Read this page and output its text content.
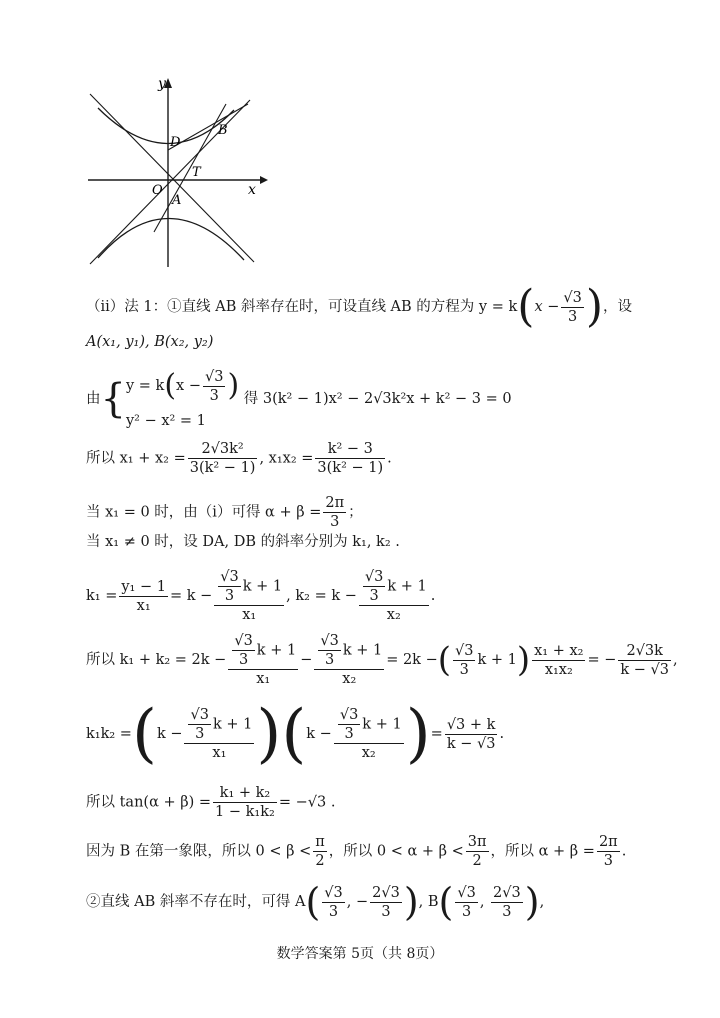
y
x
D
B
T
O
A
（ⅱ）法 1：①直线 AB 斜率存在时，可设直线 AB 的方程为 $y = k(x - \frac{√3}{3}$ )，设
A(x₁, y₁), B(x₂, y₂)
由{ $y = k(x - \frac{√3}{3}$ )
y² − x² = 1
得 3(k² − 1)x² − 2√3k²x + k² − 3 = 0
所以 $x_1 + x_2 = \frac{\text{2√3k²}}{\text{3(k² − 1)}}$ , $x_1x_2 = \frac{\text{k² − 3}}{\text{3(k² − 1)}}$ .
当 x₁ = 0 时，由（ⅰ）可得 $\alpha + \beta = \frac{2\pi}{3}$ ；
当 x₁ ≠ 0 时，设 DA, DB 的斜率分别为 k₁, k₂ .
$k_1 = \frac{\text{y₁ − 1}}{\text{x₁}} = k - \frac{\frac{√3}{3} k + 1}{\text{x₁}}$ , $k_2 = k - \frac{\frac{√3}{3} k + 1}{\text{x₂}}$ .
所以 $k_1 + k_2 = 2k - \frac{\frac{√3}{3} k + 1}{\text{x₁}} - \frac{\frac{√3}{3} k + 1}{\text{x₂}} = 2k$ −( $\frac{√3}{3}$ $k + 1) \frac{\text{x₁ + x₂}}{\text{x₁x₂}}$ = − $\frac{2√3k}{k - √3}$ ,
$k_1k_2 =(k - \frac{\frac{√3}{3} k + 1}{\text{x₁}} )(k - \frac{\frac{√3}{3} k + 1}{\text{x₂}}$ )= $\frac{√3 + k}{k - √3}$ .
所以 $\tan(\alpha + \beta) = \frac{\text{k₁ + k₂}}{\text{1 − k₁k₂}} = -√3$ .
因为 B 在第一象限，所以 $0 < \beta < \frac{\pi}{2}$ ，所以 $0 < \alpha + \beta < \frac{3\pi}{2}$ ，所以 $\alpha + \beta = \frac{2\pi}{3}$ .
②直线 AB 斜率不存在时，可得 $A( \frac{√3}{3}$ , − $\frac{2√3}{3}$ ), $B( \frac{√3}{3}$ , $\frac{2√3}{3}$ ),
数学答案第 5页（共 8页）
